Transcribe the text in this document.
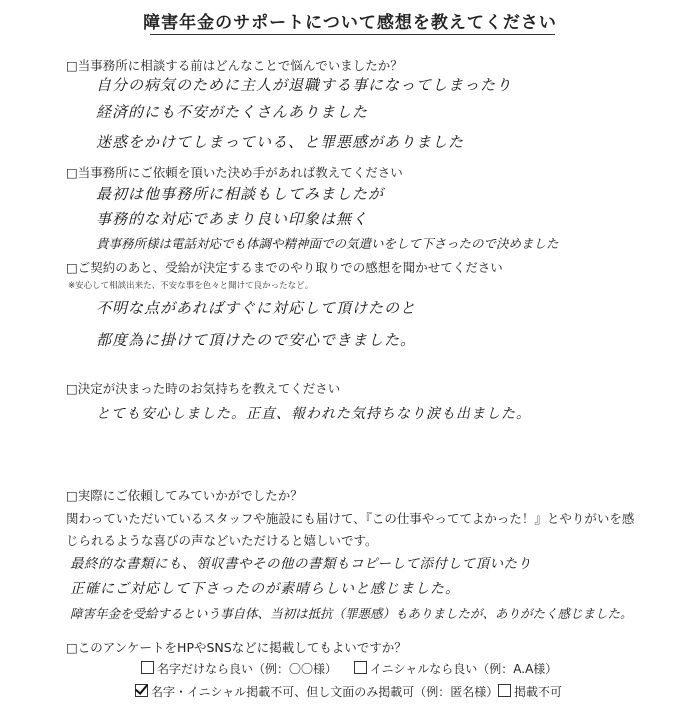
障害年金のサポートについて感想を教えてください
□当事務所に相談する前はどんなことで悩んでいましたか？
自分の病気のために主人が退職する事になってしまったり
経済的にも不安がたくさんありました
迷惑をかけてしまっている、と罪悪感がありました
□当事務所にご依頼を頂いた決め手があれば教えてください
最初は他事務所に相談もしてみましたが
事務的な対応であまり良い印象は無く
貴事務所様は電話対応でも体調や精神面での気遣いをして下さったので決めました
□ご契約のあと、受給が決定するまでのやり取りでの感想を聞かせてください
※安心して相談出来た、不安な事を色々と聞けて良かったなど。
不明な点があればすぐに対応して頂けたのと
都度為に掛けて頂けたので安心できました。
□決定が決まった時のお気持ちを教えてください
とても安心しました。正直、報われた気持ちなり涙も出ました。
□実際にご依頼してみていかがでしたか？
関わっていただいているスタッフや施設にも届けて、『この仕事やっててよかった！』とやりがいを感じられるような喜びの声などいただけると嬉しいです。
最終的な書類にも、領収書やその他の書類もコピーして添付して頂いたり
正確にご対応して下さったのが素晴らしいと感じました。
障害年金を受給するという事自体、当初は抵抗（罪悪感）もありましたが、ありがたく感じました。
□このアンケートをHPやSNSなどに掲載してもよいですか？
名字だけなら良い（例：〇〇様）	イニシャルなら良い（例：A.A様）
名字・イニシャル掲載不可、但し文面のみ掲載可（例：匿名様）	掲載不可
